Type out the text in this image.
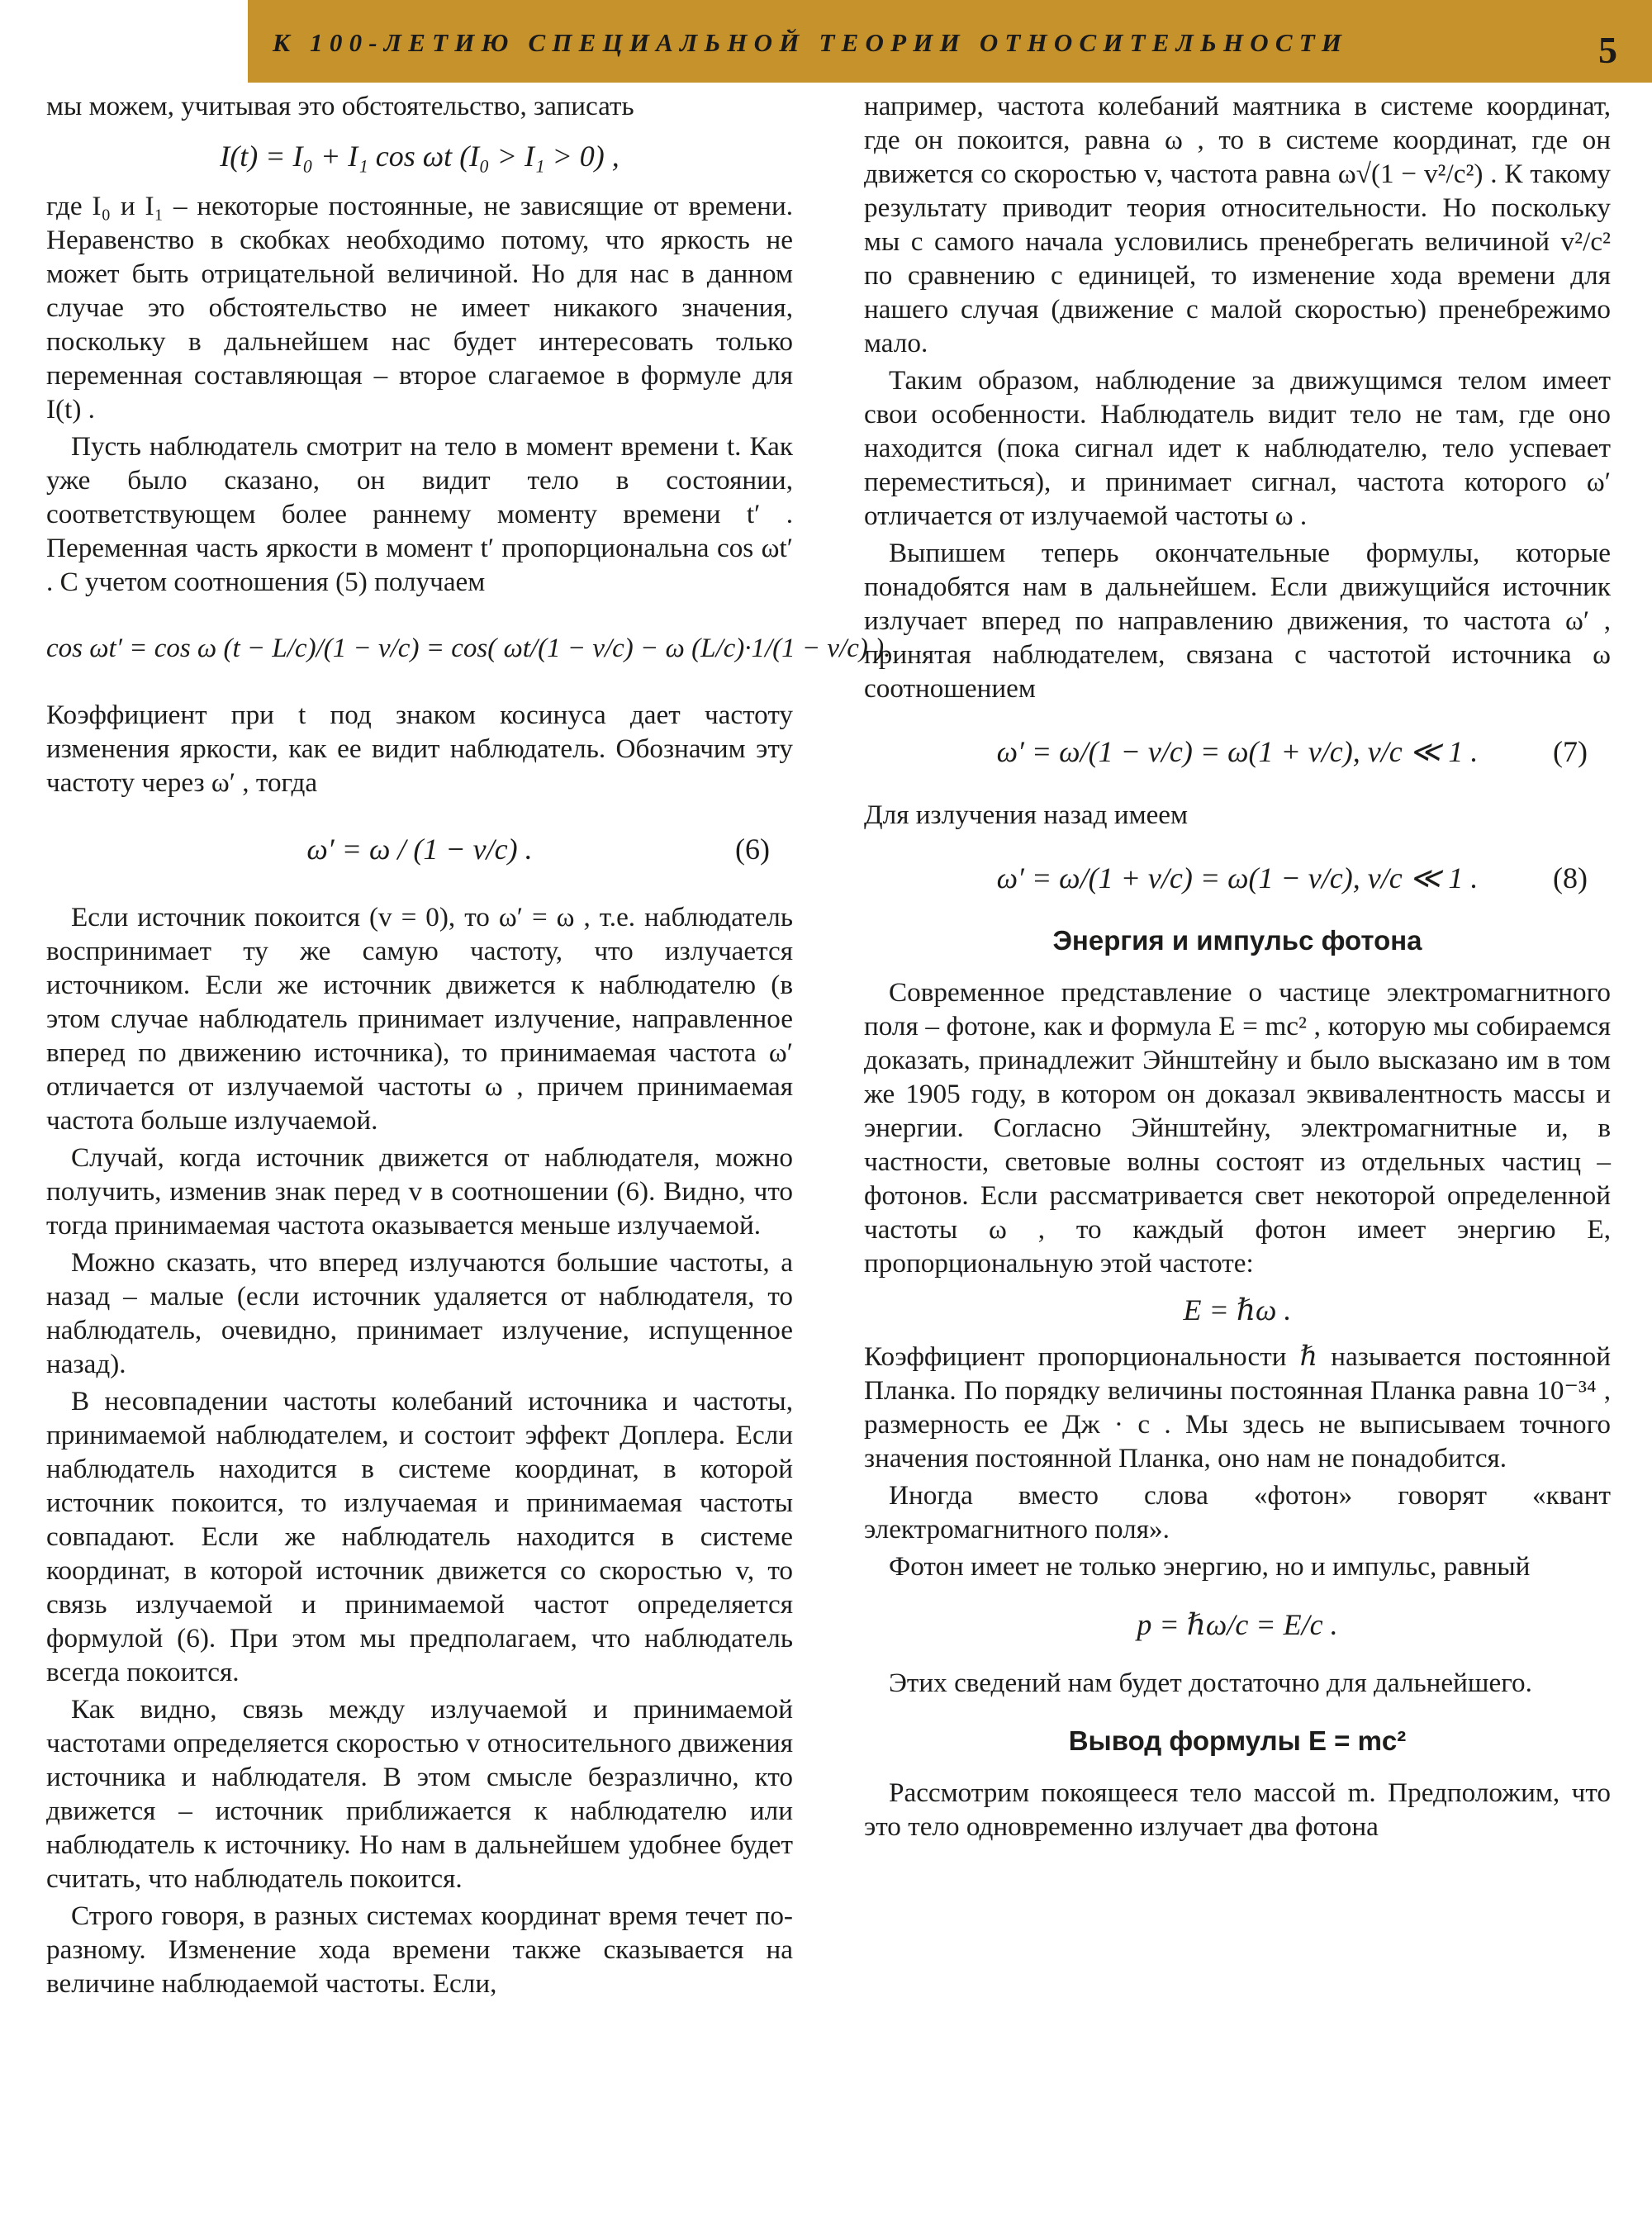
К 100-ЛЕТИЮ СПЕЦИАЛЬНОЙ ТЕОРИИ ОТНОСИТЕЛЬНОСТИ	5

мы можем, учитывая это обстоятельство, записать

I(t) = I₀ + I₁ cos ωt (I₀ > I₁ > 0) ,

где I₀ и I₁ – некоторые постоянные, не зависящие от времени. Неравенство в скобках необходимо потому, что яркость не может быть отрицательной величиной. Но для нас в данном случае это обстоятельство не имеет никакого значения, поскольку в дальнейшем нас будет интересовать только переменная составляющая – второе слагаемое в формуле для I(t) .

Пусть наблюдатель смотрит на тело в момент времени t. Как уже было сказано, он видит тело в состоянии, соответствующем более раннему моменту времени t′ . Переменная часть яркости в момент t′ пропорциональна cos ωt′ . С учетом соотношения (5) получаем

cos ωt′ = cos ω (t − L/c)/(1 − v/c) = cos( ωt/(1 − v/c) − ω (L/c)·1/(1 − v/c) ).

Коэффициент при t под знаком косинуса дает частоту изменения яркости, как ее видит наблюдатель. Обозначим эту частоту через ω′ , тогда

ω′ = ω / (1 − v/c) .	(6)

Если источник покоится (v = 0), то ω′ = ω , т.е. наблюдатель воспринимает ту же самую частоту, что излучается источником. Если же источник движется к наблюдателю (в этом случае наблюдатель принимает излучение, направленное вперед по движению источника), то принимаемая частота ω′ отличается от излучаемой частоты ω , причем принимаемая частота больше излучаемой.

Случай, когда источник движется от наблюдателя, можно получить, изменив знак перед v в соотношении (6). Видно, что тогда принимаемая частота оказывается меньше излучаемой.

Можно сказать, что вперед излучаются большие частоты, а назад – малые (если источник удаляется от наблюдателя, то наблюдатель, очевидно, принимает излучение, испущенное назад).

В несовпадении частоты колебаний источника и частоты, принимаемой наблюдателем, и состоит эффект Доплера. Если наблюдатель находится в системе координат, в которой источник покоится, то излучаемая и принимаемая частоты совпадают. Если же наблюдатель находится в системе координат, в которой источник движется со скоростью v, то связь излучаемой и принимаемой частот определяется формулой (6). При этом мы предполагаем, что наблюдатель всегда покоится.

Как видно, связь между излучаемой и принимаемой частотами определяется скоростью v относительного движения источника и наблюдателя. В этом смысле безразлично, кто движется – источник приближается к наблюдателю или наблюдатель к источнику. Но нам в дальнейшем удобнее будет считать, что наблюдатель покоится.

Строго говоря, в разных системах координат время течет по-разному. Изменение хода времени также сказывается на величине наблюдаемой частоты. Если,

например, частота колебаний маятника в системе координат, где он покоится, равна ω , то в системе координат, где он движется со скоростью v, частота равна ω√(1 − v²/c²) . К такому результату приводит теория относительности. Но поскольку мы с самого начала условились пренебрегать величиной v²/c² по сравнению с единицей, то изменение хода времени для нашего случая (движение с малой скоростью) пренебрежимо мало.

Таким образом, наблюдение за движущимся телом имеет свои особенности. Наблюдатель видит тело не там, где оно находится (пока сигнал идет к наблюдателю, тело успевает переместиться), и принимает сигнал, частота которого ω′ отличается от излучаемой частоты ω .

Выпишем теперь окончательные формулы, которые понадобятся нам в дальнейшем. Если движущийся источник излучает вперед по направлению движения, то частота ω′ , принятая наблюдателем, связана с частотой источника ω соотношением

ω′ = ω/(1 − v/c) = ω(1 + v/c), v/c ≪ 1 .	(7)

Для излучения назад имеем

ω′ = ω/(1 + v/c) = ω(1 − v/c), v/c ≪ 1 .	(8)

Энергия и импульс фотона

Современное представление о частице электромагнитного поля – фотоне, как и формула E = mc² , которую мы собираемся доказать, принадлежит Эйнштейну и было высказано им в том же 1905 году, в котором он доказал эквивалентность массы и энергии. Согласно Эйнштейну, электромагнитные и, в частности, световые волны состоят из отдельных частиц – фотонов. Если рассматривается свет некоторой определенной частоты ω , то каждый фотон имеет энергию E, пропорциональную этой частоте:

E = ℏω .

Коэффициент пропорциональности ℏ называется постоянной Планка. По порядку величины постоянная Планка равна 10⁻³⁴ , размерность ее Дж · с . Мы здесь не выписываем точного значения постоянной Планка, оно нам не понадобится.

Иногда вместо слова «фотон» говорят «квант электромагнитного поля».

Фотон имеет не только энергию, но и импульс, равный

p = ℏω/c = E/c .

Этих сведений нам будет достаточно для дальнейшего.

Вывод формулы E = mc²

Рассмотрим покоящееся тело массой m. Предположим, что это тело одновременно излучает два фотона
